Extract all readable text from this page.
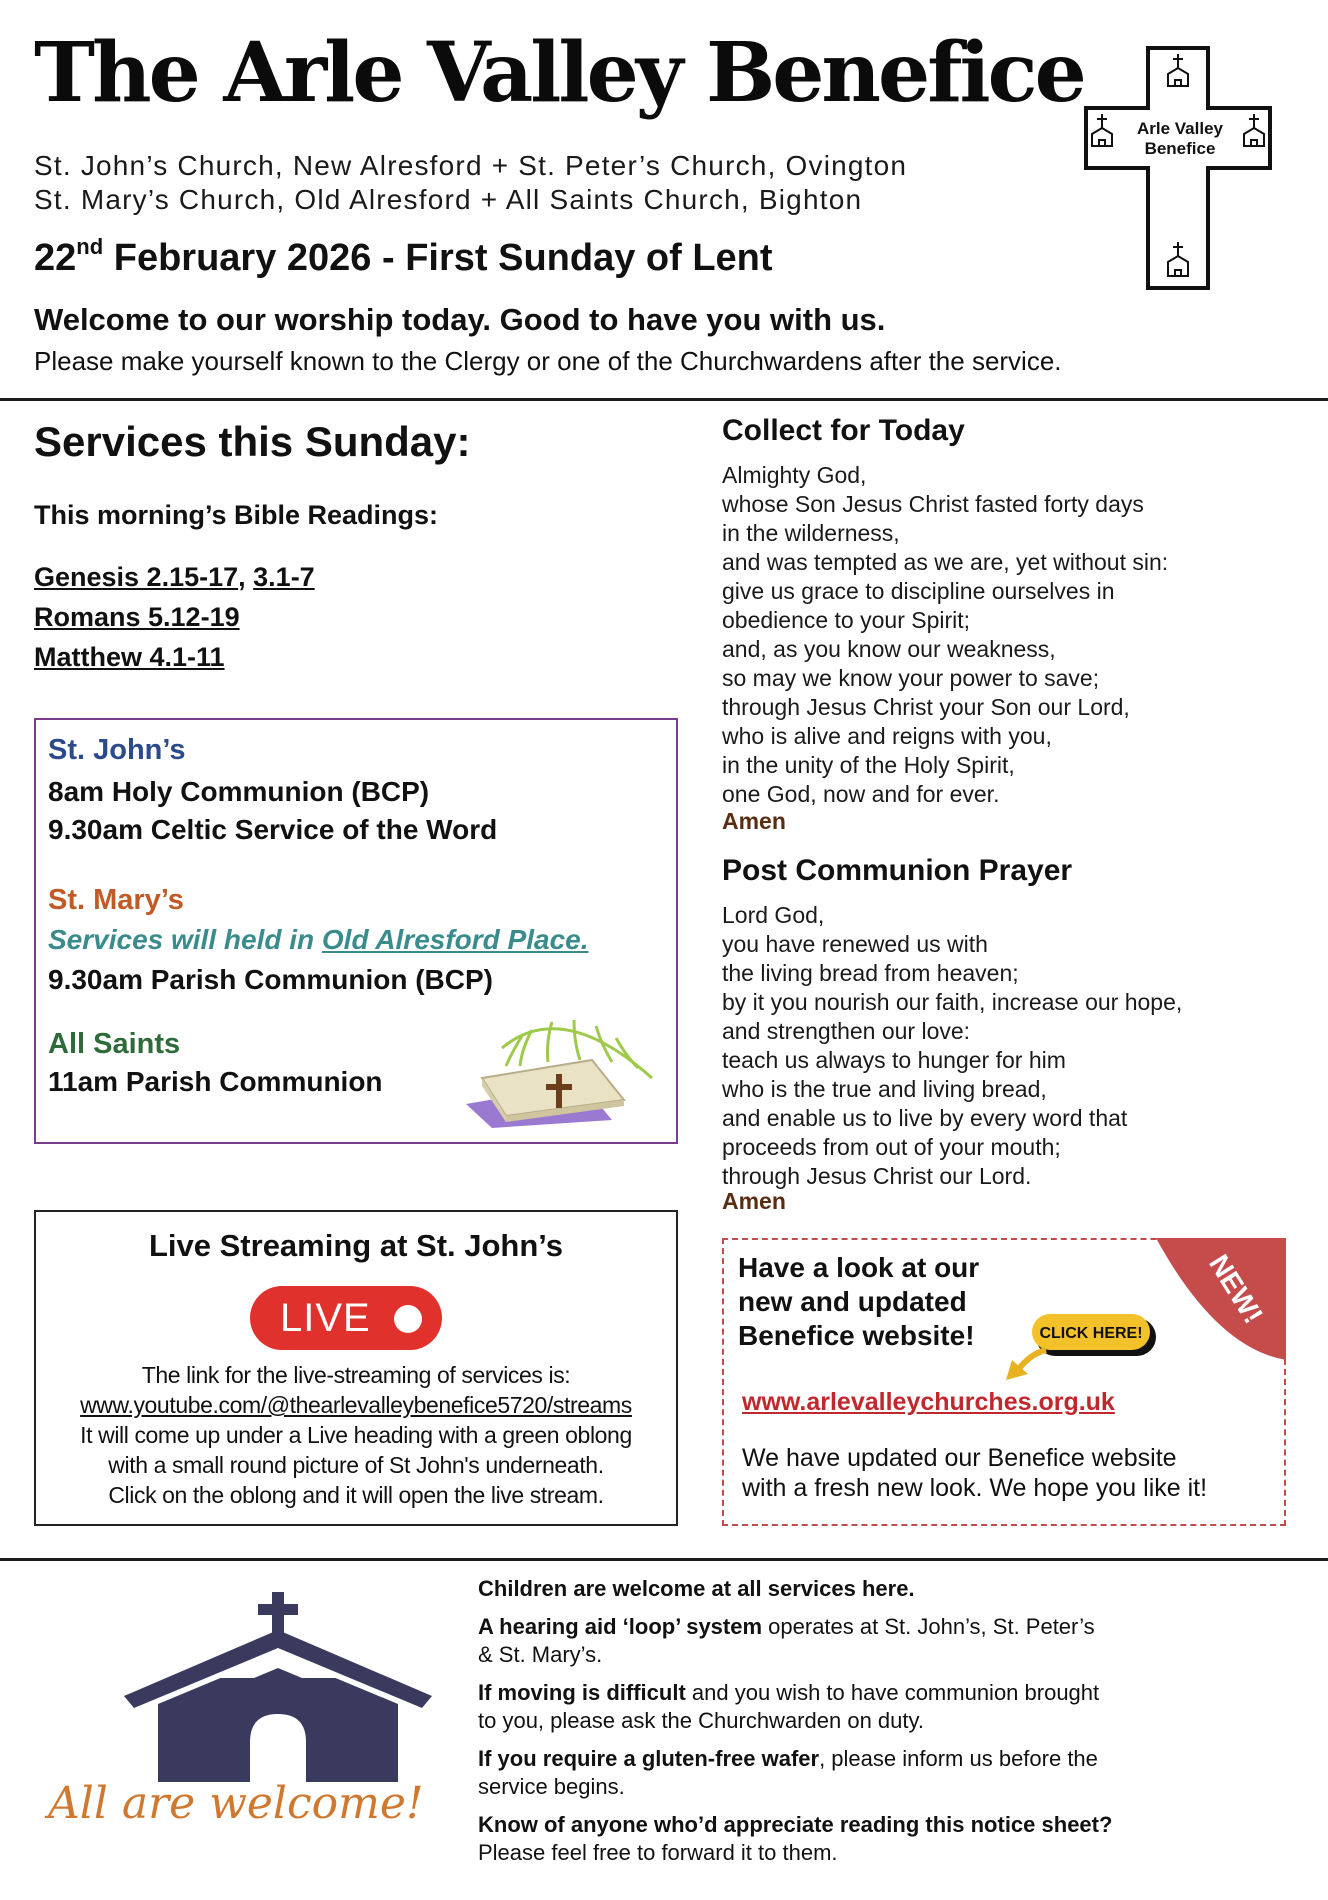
The Arle Valley Benefice
St. John’s Church, New Alresford + St. Peter’s Church, Ovington
St. Mary’s Church, Old Alresford + All Saints Church, Bighton
22nd February 2026 - First Sunday of Lent
Welcome to our worship today. Good to have you with us.
Please make yourself known to the Clergy or one of the Churchwardens after the service.
Arle Valley
Benefice
Services this Sunday:
This morning’s Bible Readings:
Genesis 2.15-17, 3.1-7
Romans 5.12-19
Matthew 4.1-11
St. John’s
8am Holy Communion (BCP)
9.30am Celtic Service of the Word
St. Mary’s
Services will held in Old Alresford Place.
9.30am Parish Communion (BCP)
All Saints
11am Parish Communion
Live Streaming at St. John’s
LIVE
The link for the live-streaming of services is:
www.youtube.com/@thearlevalleybenefice5720/streams
It will come up under a Live heading with a green oblong
with a small round picture of St John's underneath.
Click on the oblong and it will open the live stream.
Collect for Today
Almighty God,
whose Son Jesus Christ fasted forty days
in the wilderness,
and was tempted as we are, yet without sin:
give us grace to discipline ourselves in
obedience to your Spirit;
and, as you know our weakness,
so may we know your power to save;
through Jesus Christ your Son our Lord,
who is alive and reigns with you,
in the unity of the Holy Spirit,
one God, now and for ever.
Amen
Post Communion Prayer
Lord God,
you have renewed us with
the living bread from heaven;
by it you nourish our faith, increase our hope,
and strengthen our love:
teach us always to hunger for him
who is the true and living bread,
and enable us to live by every word that
proceeds from out of your mouth;
through Jesus Christ our Lord.
Amen
NEW!
Have a look at our
new and updated
Benefice website!	CLICK HERE!
www.arlevalleychurches.org.uk
We have updated our Benefice website
with a fresh new look. We hope you like it!
All are welcome!
Children are welcome at all services here.
A hearing aid ‘loop’ system operates at St. John’s, St. Peter’s
& St. Mary’s.
If moving is difficult and you wish to have communion brought
to you, please ask the Churchwarden on duty.
If you require a gluten-free wafer, please inform us before the
service begins.
Know of anyone who’d appreciate reading this notice sheet?
Please feel free to forward it to them.
